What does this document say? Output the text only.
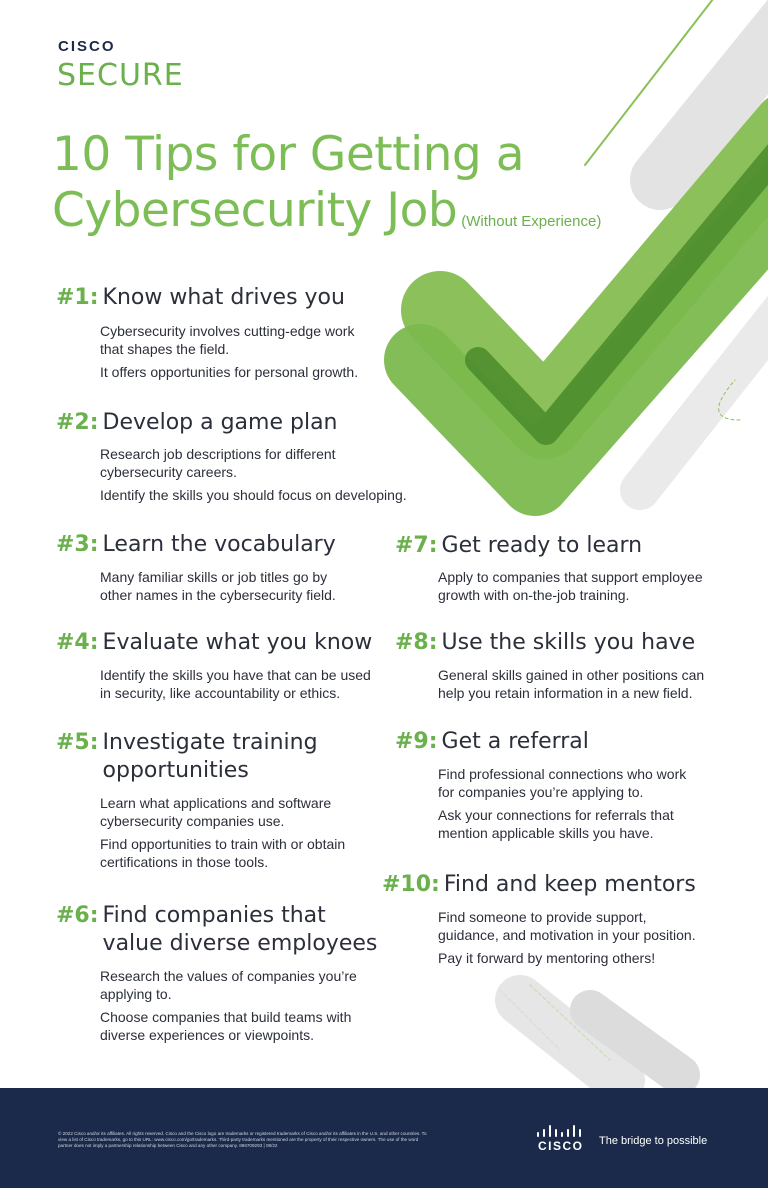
CISCO
SECURE
10 Tips for Getting a
Cybersecurity Job (Without Experience)
#1: Know what drives you

Cybersecurity involves cutting-edge work

that shapes the field.

It offers opportunities for personal growth.

#2: Develop a game plan

Research job descriptions for different

cybersecurity careers.

Identify the skills you should focus on developing.

#3: Learn the vocabulary

Many familiar skills or job titles go by

other names in the cybersecurity field.

#4: Evaluate what you know

Identify the skills you have that can be used

in security, like accountability or ethics.

#5: Investigate training
opportunities

Learn what applications and software

cybersecurity companies use.

Find opportunities to train with or obtain

certifications in those tools.

#6: Find companies that
value diverse employees

Research the values of companies you’re

applying to.

Choose companies that build teams with

diverse experiences or viewpoints.

#7: Get ready to learn

Apply to companies that support employee

growth with on-the-job training.

#8: Use the skills you have

General skills gained in other positions can

help you retain information in a new field.

#9: Get a referral

Find professional connections who work

for companies you’re applying to.

Ask your connections for referrals that

mention applicable skills you have.

#10: Find and keep mentors

Find someone to provide support,

guidance, and motivation in your position.

Pay it forward by mentoring others!

© 2022 Cisco and/or its affiliates. All rights reserved. Cisco and the Cisco logo are trademarks or registered trademarks of Cisco and/or its affiliates in the U.S. and other countries. To view a list of Cisco trademarks, go to this URL: www.cisco.com/go/trademarks. Third-party trademarks mentioned are the property of their respective owners. The use of the word partner does not imply a partnership relationship between Cisco and any other company. 886709293 | 08/22	CISCO The bridge to possible
